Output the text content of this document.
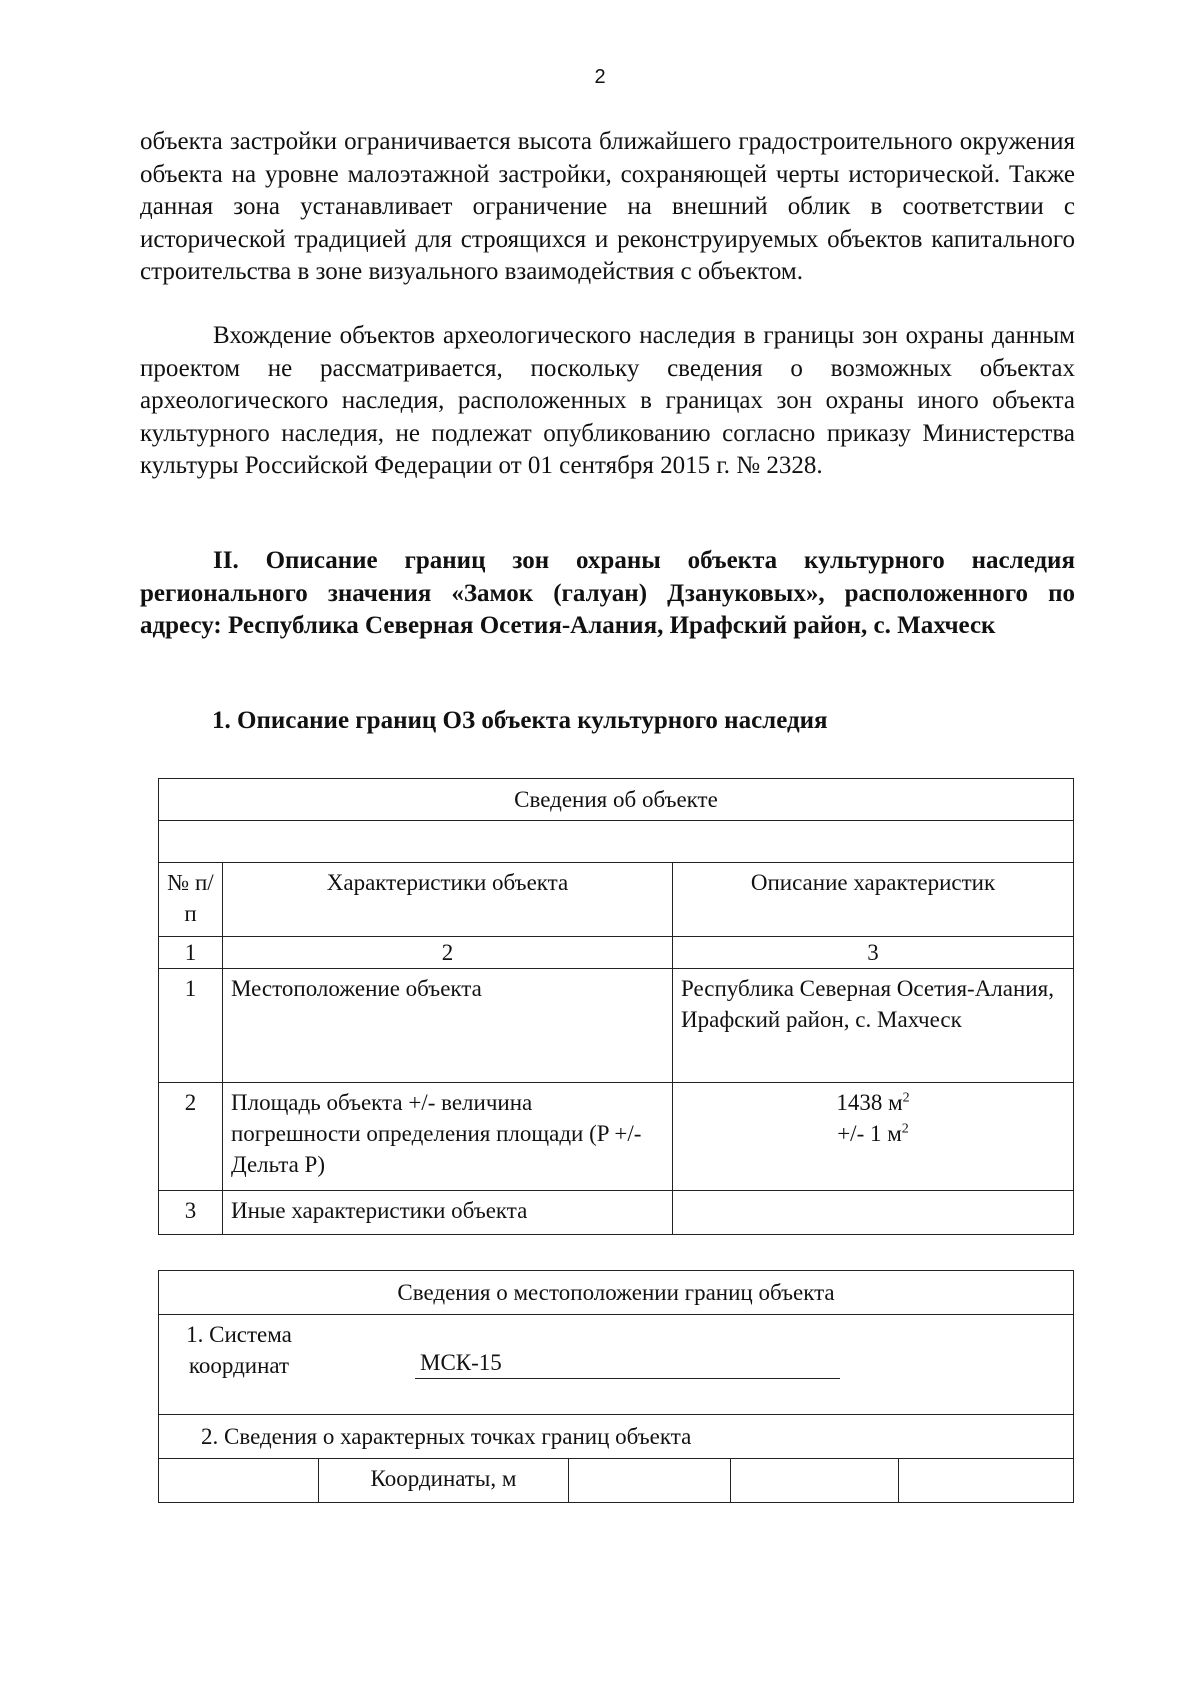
2
объекта застройки ограничивается высота ближайшего градостроительного окружения объекта на уровне малоэтажной застройки, сохраняющей черты исторической. Также данная зона устанавливает ограничение на внешний облик в соответствии с исторической традицией для строящихся и реконструируемых объектов капитального строительства в зоне визуального взаимодействия с объектом.
Вхождение объектов археологического наследия в границы зон охраны данным проектом не рассматривается, поскольку сведения о возможных объектах археологического наследия, расположенных в границах зон охраны иного объекта культурного наследия, не подлежат опубликованию согласно приказу Министерства культуры Российской Федерации от 01 сентября 2015 г. № 2328.
II. Описание границ зон охраны объекта культурного наследия регионального значения «Замок (галуан) Дзануковых», расположенного по адресу: Республика Северная Осетия-Алания, Ирафский район, с. Махческ
1. Описание границ ОЗ объекта культурного наследия
Сведения об объекте		

№ п/п	Характеристики объекта	Описание характеристик
1	2	3
1	Местоположение объекта	Республика Северная Осетия-Алания, Ирафский район, с. Махческ
2	Площадь объекта +/- величина погрешности определения площади (P +/- Дельта P)	1438 $м^2$
+/- 1 $м^2$

3	Иные характеристики объекта	
Сведения о местоположении границ объекта

1. Система координат	МСК-15

2. Сведения о характерных точках границ объекта
	Координаты, м			
